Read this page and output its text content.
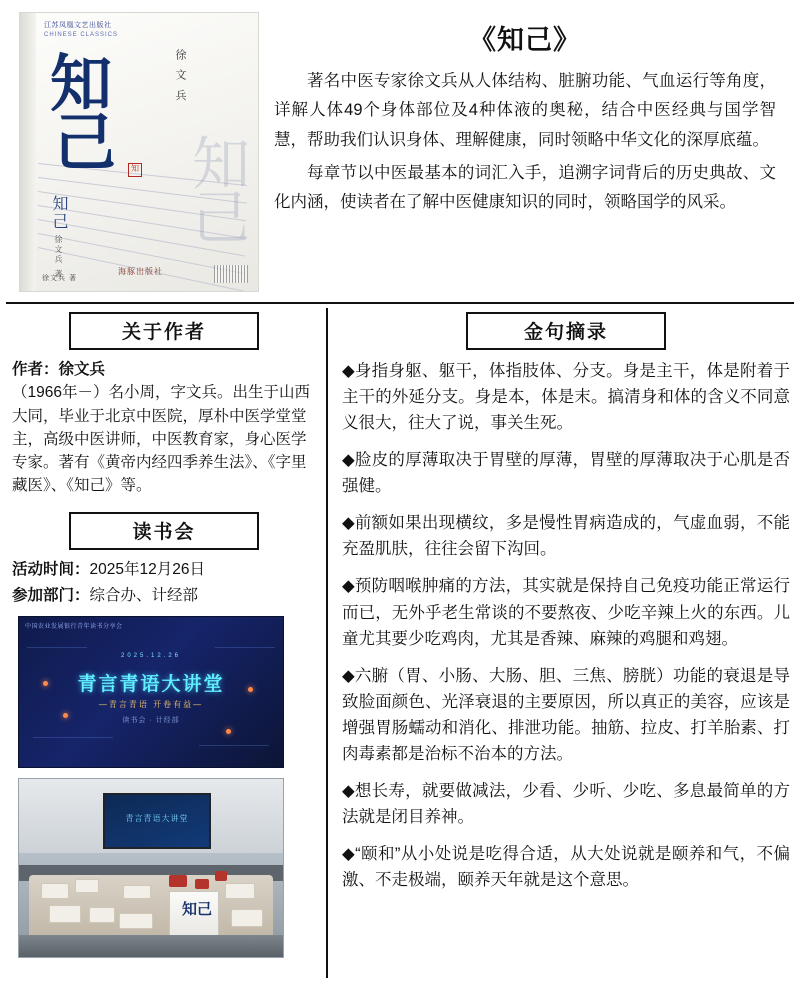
江苏凤凰文艺出版社
CHINESE CLASSICS
知
己	知
徐 文 兵
知己
知己
徐文兵 著
徐文兵 著
海豚出版社
《知己》

著名中医专家徐文兵从人体结构、脏腑功能、气血运行等角度，详解人体49个身体部位及4种体液的奥秘，结合中医经典与国学智慧，帮助我们认识身体、理解健康，同时领略中华文化的深厚底蕴。

每章节以中医最基本的词汇入手，追溯字词背后的历史典故、文化内涵，使读者在了解中医健康知识的同时，领略国学的风采。

关于作者

作者：徐文兵

（1966年－）名小周，字文兵。出生于山西大同，毕业于北京中医院，厚朴中医学堂堂主，高级中医讲师，中医教育家，身心医学专家。著有《黄帝内经四季养生法》、《字里藏医》、《知己》等。

读书会
活动时间：2025年12月26日
参加部门：综合办、计经部
中国农业发展银行青年读书分享会
2025.12.26
青言青语大讲堂
—青言青语 开卷有益—
读书会 · 计经部
青言青语大讲堂
知己
金句摘录

◆身指身躯、躯干，体指肢体、分支。身是主干，体是附着于主干的外延分支。身是本，体是末。搞清身和体的含义不同意义很大，往大了说，事关生死。

◆脸皮的厚薄取决于胃壁的厚薄，胃壁的厚薄取决于心肌是否强健。

◆前额如果出现横纹，多是慢性胃病造成的，气虚血弱，不能充盈肌肤，往往会留下沟回。

◆预防咽喉肿痛的方法，其实就是保持自己免疫功能正常运行而已，无外乎老生常谈的不要熬夜、少吃辛辣上火的东西。儿童尤其要少吃鸡肉，尤其是香辣、麻辣的鸡腿和鸡翅。

◆六腑（胃、小肠、大肠、胆、三焦、膀胱）功能的衰退是导致脸面颜色、光泽衰退的主要原因，所以真正的美容，应该是增强胃肠蠕动和消化、排泄功能。抽筋、拉皮、打羊胎素、打肉毒素都是治标不治本的方法。

◆想长寿，就要做减法，少看、少听、少吃、多息最简单的方法就是闭目养神。

◆“颐和”从小处说是吃得合适，从大处说就是颐养和气，不偏激、不走极端，颐养天年就是这个意思。
